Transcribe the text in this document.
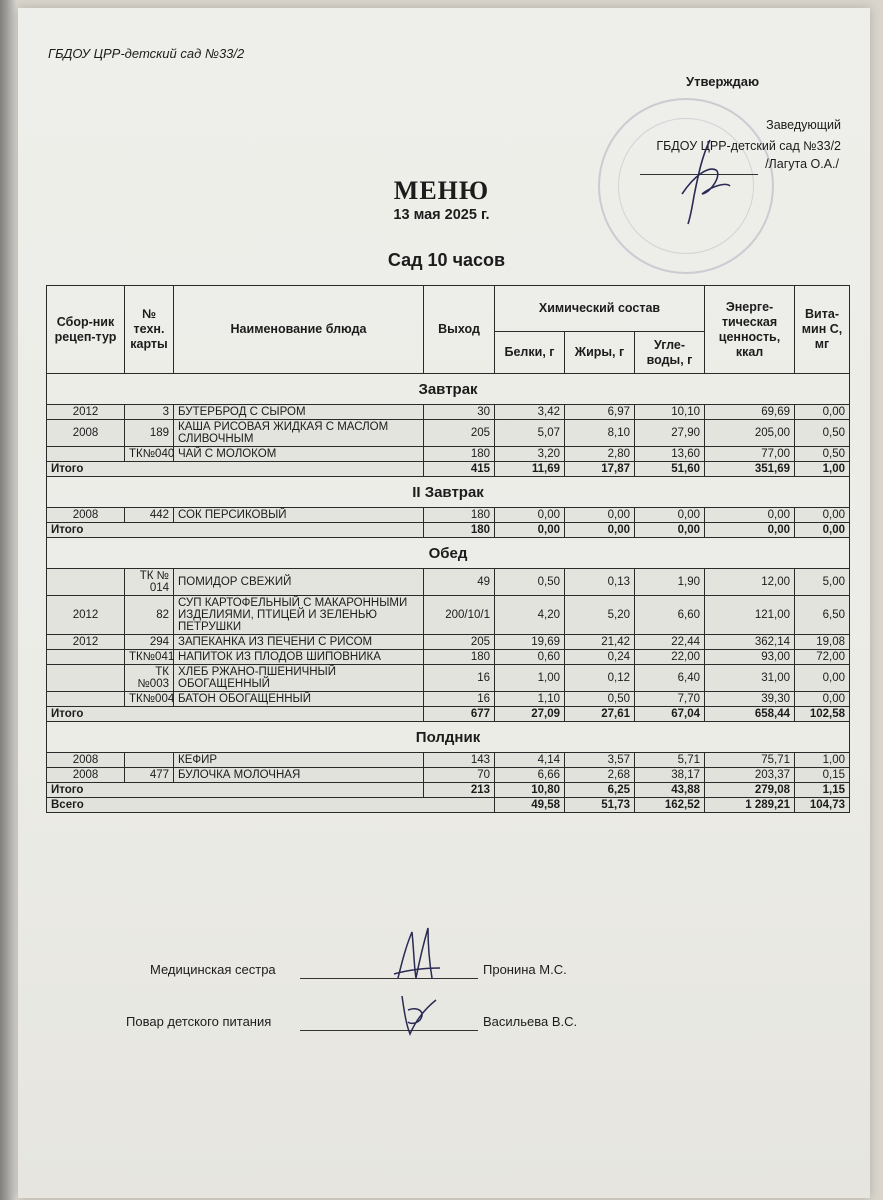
ГБДОУ ЦРР-детский сад №33/2
Утверждаю
Заведующий
ГБДОУ ЦРР-детский сад №33/2
/Лагута О.А./
МЕНЮ
13 мая 2025 г.
Сад 10 часов
Сбор-ник рецеп-тур	№ техн. карты	Наименование блюда	Выход	Химический состав			Энерге-тическая ценность, ккал	Вита-мин С, мг
				Белки, г	Жиры, г	Угле-воды, г		
Завтрак								
2012	3	БУТЕРБРОД С СЫРОМ	30	3,42	6,97	10,10	69,69	0,00
2008	189	КАША РИСОВАЯ ЖИДКАЯ С МАСЛОМ СЛИВОЧНЫМ	205	5,07	8,10	27,90	205,00	0,50
	ТК№040	ЧАЙ С МОЛОКОМ	180	3,20	2,80	13,60	77,00	0,50
Итого			415	11,69	17,87	51,60	351,69	1,00
II Завтрак								
2008	442	СОК ПЕРСИКОВЫЙ	180	0,00	0,00	0,00	0,00	0,00
Итого			180	0,00	0,00	0,00	0,00	0,00
Обед								
	ТК № 014	ПОМИДОР СВЕЖИЙ	49	0,50	0,13	1,90	12,00	5,00
2012	82	СУП КАРТОФЕЛЬНЫЙ С МАКАРОННЫМИ ИЗДЕЛИЯМИ, ПТИЦЕЙ И ЗЕЛЕНЬЮ ПЕТРУШКИ	200/10/1	4,20	5,20	6,60	121,00	6,50
2012	294	ЗАПЕКАНКА ИЗ ПЕЧЕНИ С РИСОМ	205	19,69	21,42	22,44	362,14	19,08
	ТК№041	НАПИТОК ИЗ ПЛОДОВ ШИПОВНИКА	180	0,60	0,24	22,00	93,00	72,00
	ТК №003	ХЛЕБ РЖАНО-ПШЕНИЧНЫЙ ОБОГАЩЕННЫЙ	16	1,00	0,12	6,40	31,00	0,00
	ТК№004	БАТОН ОБОГАЩЕННЫЙ	16	1,10	0,50	7,70	39,30	0,00
Итого			677	27,09	27,61	67,04	658,44	102,58
Полдник								
2008		КЕФИР	143	4,14	3,57	5,71	75,71	1,00
2008	477	БУЛОЧКА МОЛОЧНАЯ	70	6,66	2,68	38,17	203,37	0,15
Итого			213	10,80	6,25	43,88	279,08	1,15
Всего				49,58	51,73	162,52	1 289,21	104,73
Медицинская сестра	Пронина М.С.
Повар детского питания	Васильева В.С.
